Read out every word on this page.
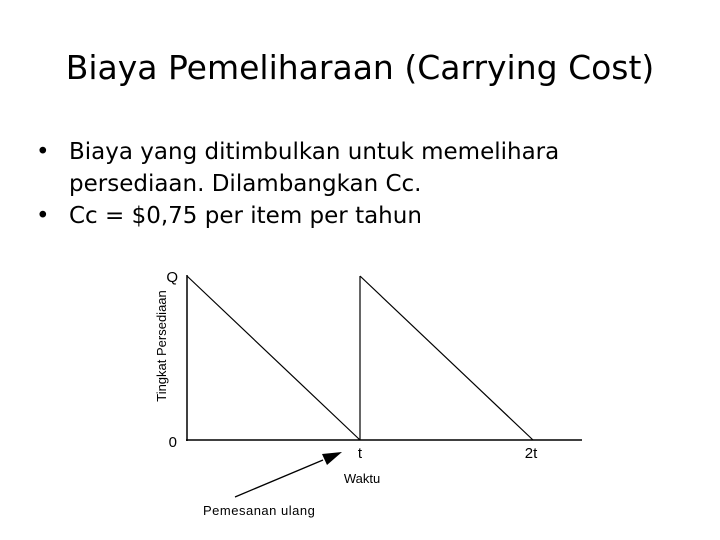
Biaya Pemeliharaan (Carrying Cost)
• Biaya yang ditimbulkan untuk memelihara persediaan. Dilambangkan Cc.
• Cc = $0,75 per item per tahun
Q
0
t	2t
Waktu
Tingkat Persediaan
Pemesanan ulang
